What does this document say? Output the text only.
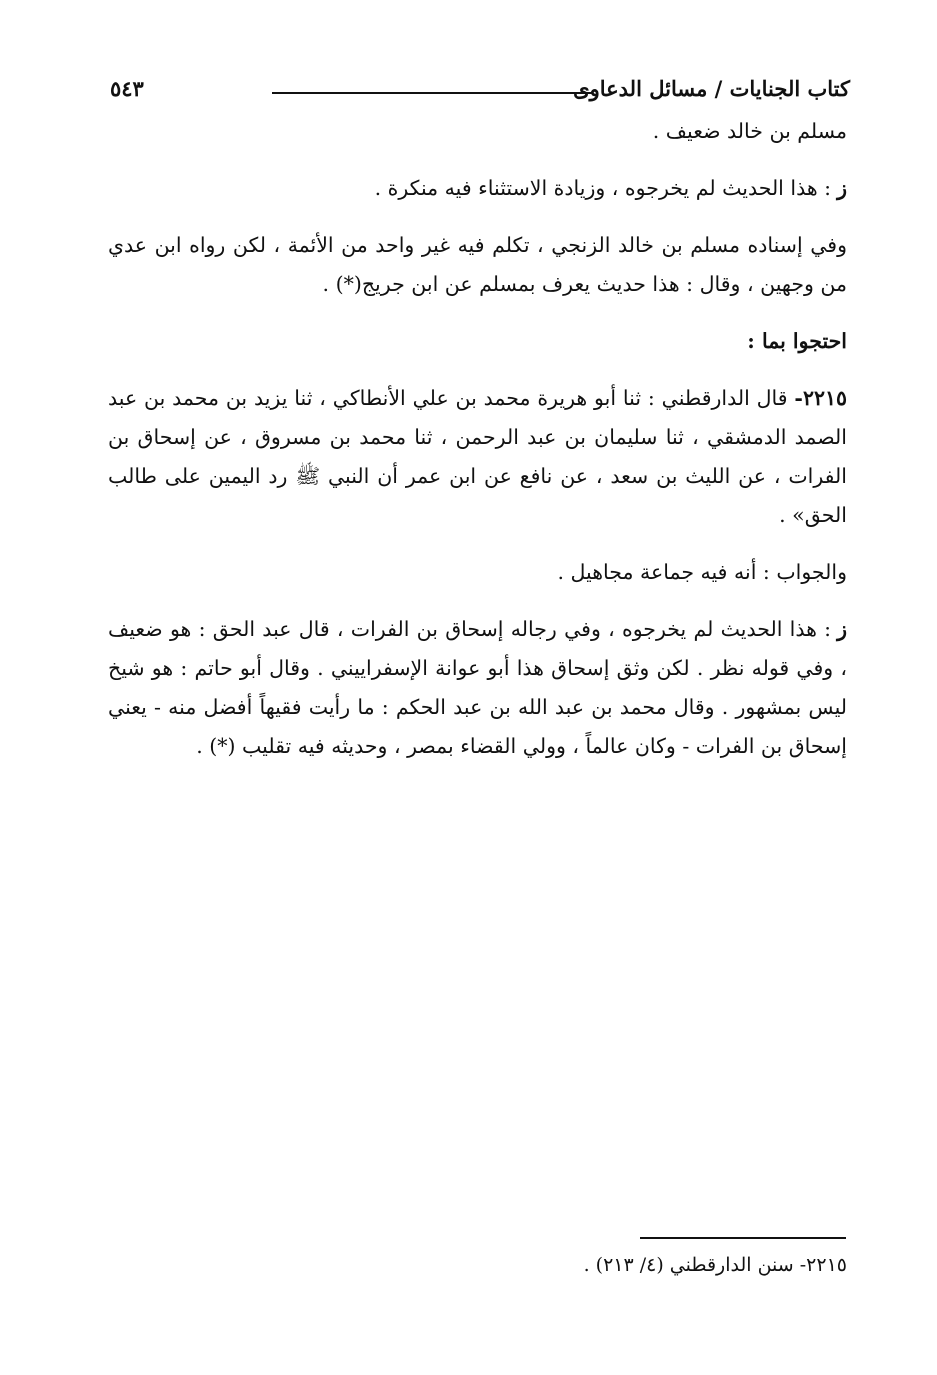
كتاب الجنايات / مسائل الدعاوى
٥٤٣

مسلم بن خالد ضعيف .

ز: هذا الحديث لم يخرجوه ، وزيادة الاستثناء فيه منكرة .

وفي إسناده مسلم بن خالد الزنجي ، تكلم فيه غير واحد من الأئمة ، لكن رواه ابن عدي من وجهين ، وقال : هذا حديث يعرف بمسلم عن ابن جريج(*) .

احتجوا بما :

٢٢١٥- قال الدارقطني : ثنا أبو هريرة محمد بن علي الأنطاكي ، ثنا يزيد بن محمد بن عبد الصمد الدمشقي ، ثنا سليمان بن عبد الرحمن ، ثنا محمد بن مسروق ، عن إسحاق بن الفرات ، عن الليث بن سعد ، عن نافع عن ابن عمر أن النبي ﷺ رد اليمين على طالب الحق» .

والجواب : أنه فيه جماعة مجاهيل .

ز: هذا الحديث لم يخرجوه ، وفي رجاله إسحاق بن الفرات ، قال عبد الحق : هو ضعيف ، وفي قوله نظر . لكن وثق إسحاق هذا أبو عوانة الإسفراييني . وقال أبو حاتم : هو شيخ ليس بمشهور . وقال محمد بن عبد الله بن عبد الحكم : ما رأيت فقيهاً أفضل منه - يعني إسحاق بن الفرات - وكان عالماً ، وولي القضاء بمصر ، وحديثه فيه تقليب (*) .

٢٢١٥- سنن الدارقطني (٤/ ٢١٣) .
